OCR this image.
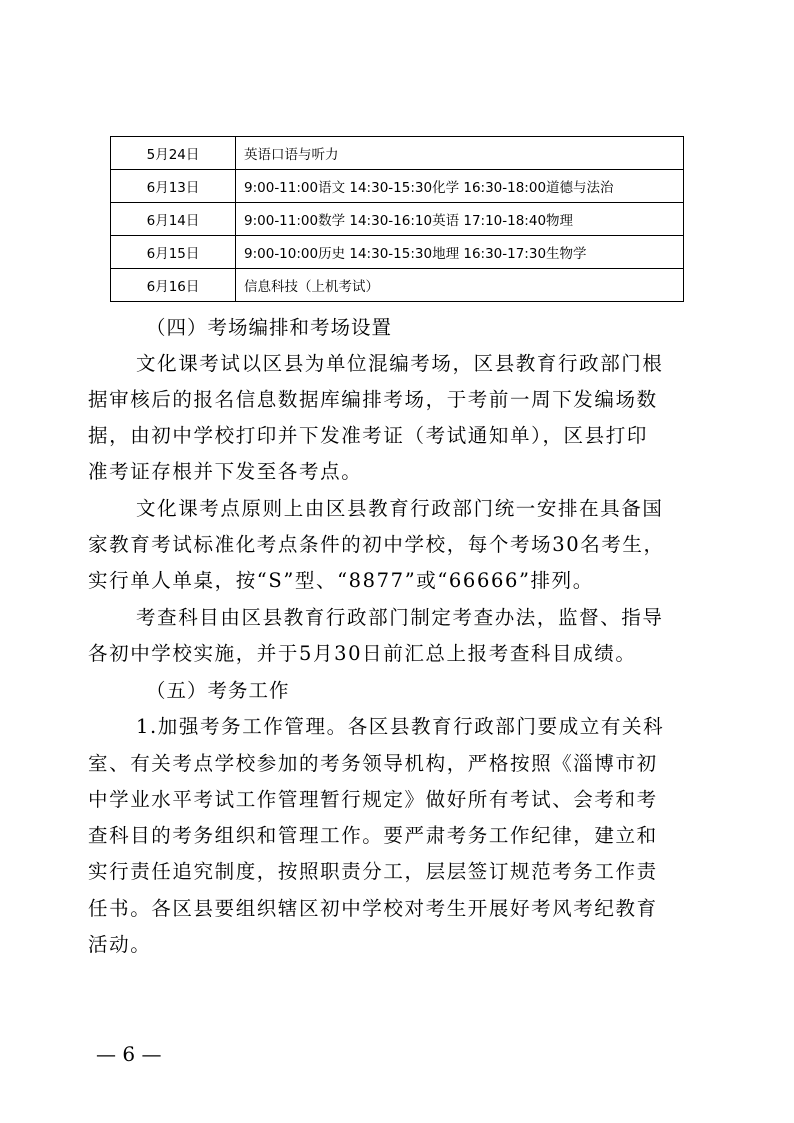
5月24日	英语口语与听力
6月13日	9:00-11:00语文 14:30-15:30化学 16:30-18:00道德与法治
6月14日	9:00-11:00数学 14:30-16:10英语 17:10-18:40物理
6月15日	9:00-10:00历史 14:30-15:30地理 16:30-17:30生物学
6月16日	信息科技（上机考试）
（四）考场编排和考场设置
文化课考试以区县为单位混编考场，区县教育行政部门根
据审核后的报名信息数据库编排考场，于考前一周下发编场数
据，由初中学校打印并下发准考证（考试通知单），区县打印
准考证存根并下发至各考点。
文化课考点原则上由区县教育行政部门统一安排在具备国
家教育考试标准化考点条件的初中学校，每个考场30名考生，
实行单人单桌，按“S”型、“8877”或“66666”排列。
考查科目由区县教育行政部门制定考查办法，监督、指导
各初中学校实施，并于5月30日前汇总上报考查科目成绩。
（五）考务工作
1.加强考务工作管理。各区县教育行政部门要成立有关科
室、有关考点学校参加的考务领导机构，严格按照《淄博市初
中学业水平考试工作管理暂行规定》做好所有考试、会考和考
查科目的考务组织和管理工作。要严肃考务工作纪律，建立和
实行责任追究制度，按照职责分工，层层签订规范考务工作责
任书。各区县要组织辖区初中学校对考生开展好考风考纪教育
活动。
— 6 —
